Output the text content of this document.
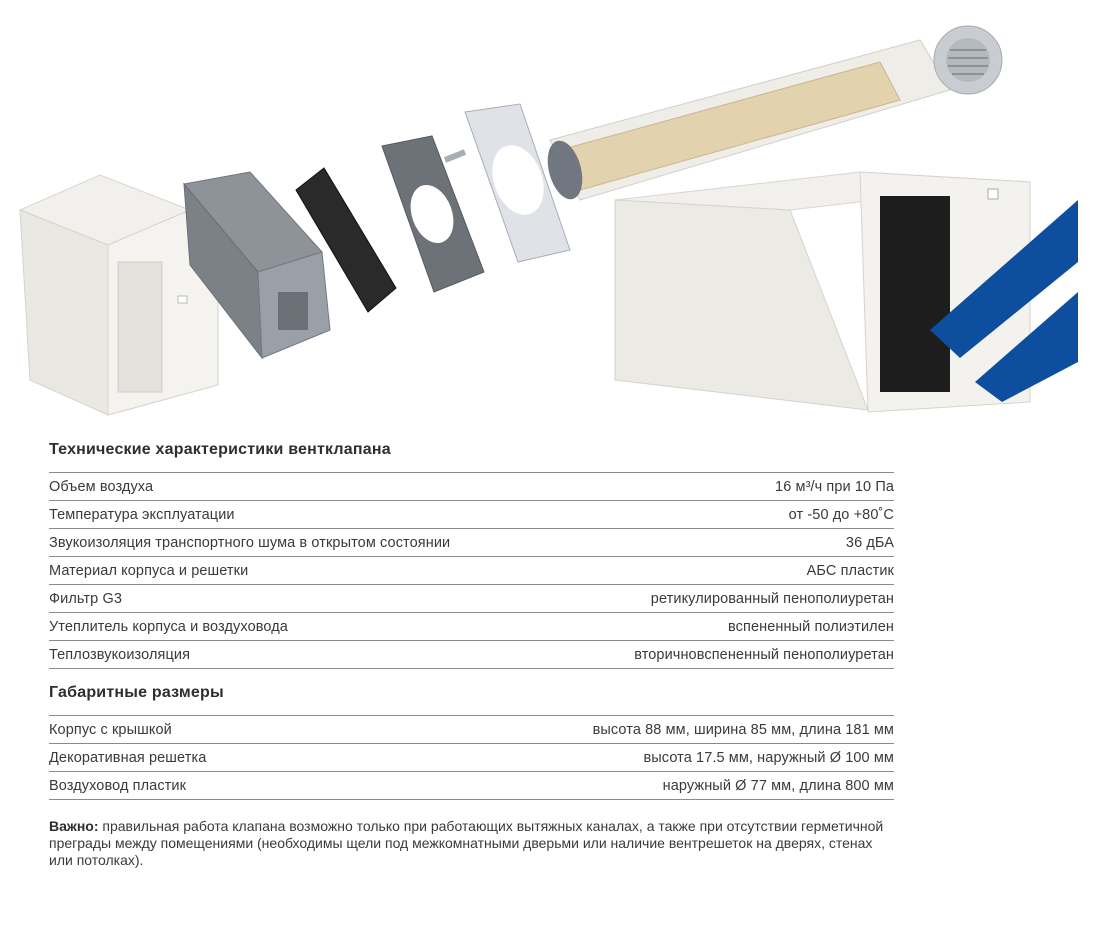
Технические характеристики вентклапана
Объем воздуха	16 м³/ч при 10 Па
Температура эксплуатации	от -50 до +80˚С
Звукоизоляция транспортного шума в открытом состоянии	36 дБА
Материал корпуса и решетки	АБС пластик
Фильтр G3	ретикулированный пенополиуретан
Утеплитель корпуса и воздуховода	вспененный полиэтилен
Теплозвукоизоляция	вторичновспененный пенополиуретан
Габаритные размеры
Корпус с крышкой	высота 88 мм, ширина 85 мм, длина 181 мм
Декоративная решетка	высота 17.5 мм, наружный Ø 100 мм
Воздуховод пластик	наружный Ø 77 мм, длина 800 мм
Важно: правильная работа клапана возможно только при работающих вытяжных каналах, а также при отсутствии герметичной преграды между помещениями (необходимы щели под межкомнатными дверьми или наличие вентрешеток на дверях, стенах или потолках).
